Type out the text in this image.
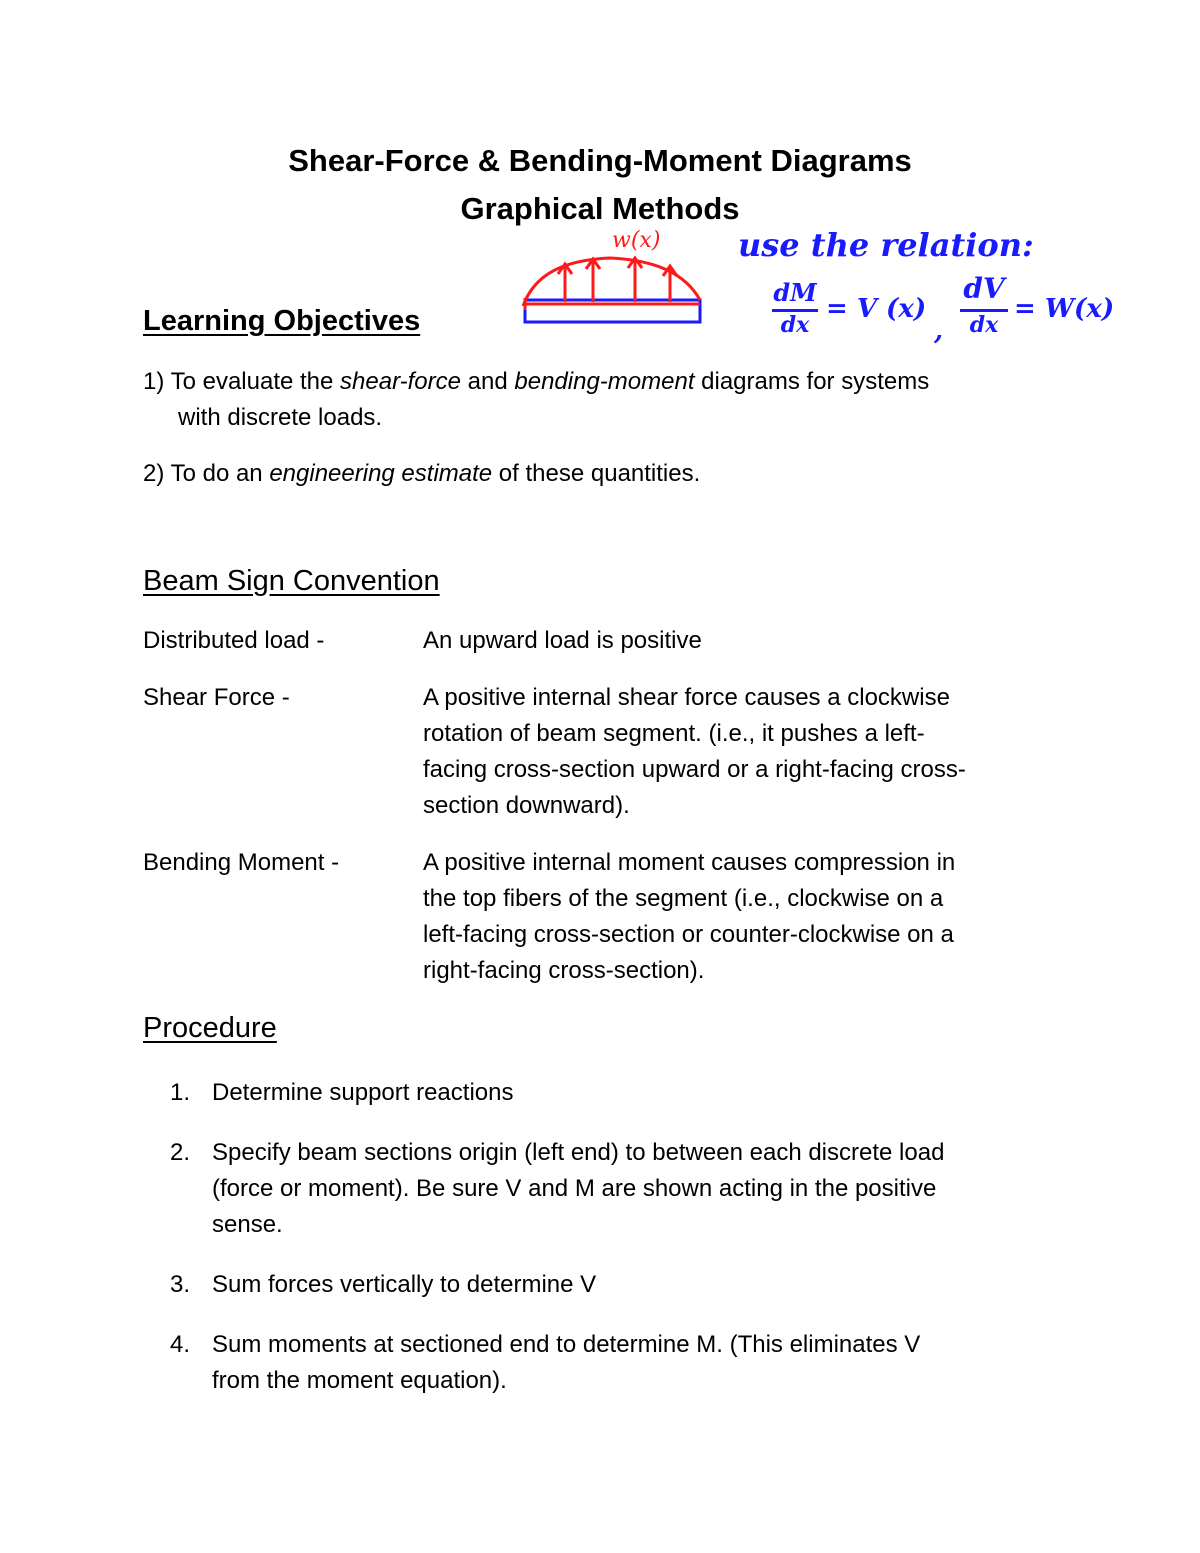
Shear-Force & Bending-Moment Diagrams
Graphical Methods
w(x) use the relation:
dM
dx
= V (x)
,
dV
dx
= W(x)
Learning Objectives
1) To evaluate the shear-force and bending-moment diagrams for systems
with discrete loads.
2) To do an engineering estimate of these quantities.
Beam Sign Convention
Distributed load -	An upward load is positive
Shear Force -	A positive internal shear force causes a clockwise
rotation of beam segment. (i.e., it pushes a left-
facing cross-section upward or a right-facing cross-
section downward).
Bending Moment -	A positive internal moment causes compression in
the top fibers of the segment (i.e., clockwise on a
left-facing cross-section or counter-clockwise on a
right-facing cross-section).
Procedure
1. Determine support reactions
2. Specify beam sections origin (left end) to between each discrete load
(force or moment). Be sure V and M are shown acting in the positive
sense.
3. Sum forces vertically to determine V
4. Sum moments at sectioned end to determine M. (This eliminates V
from the moment equation).
